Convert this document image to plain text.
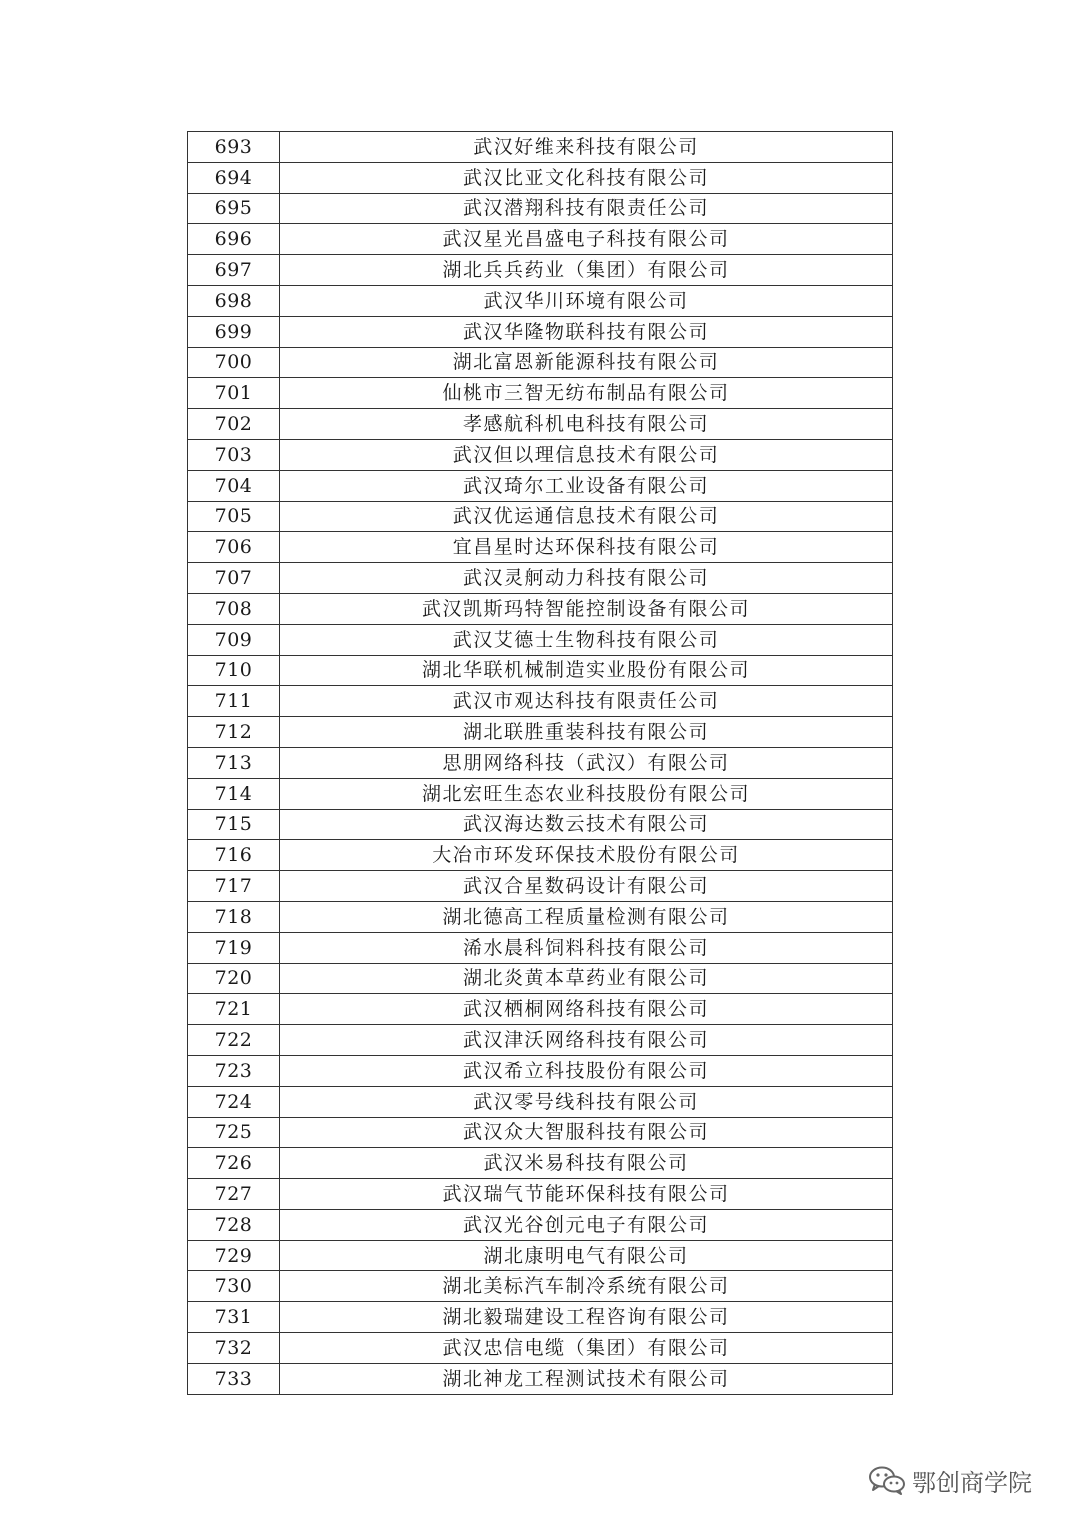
693	武汉好维来科技有限公司
694	武汉比亚文化科技有限公司
695	武汉潜翔科技有限责任公司
696	武汉星光昌盛电子科技有限公司
697	湖北兵兵药业（集团）有限公司
698	武汉华川环境有限公司
699	武汉华隆物联科技有限公司
700	湖北富恩新能源科技有限公司
701	仙桃市三智无纺布制品有限公司
702	孝感航科机电科技有限公司
703	武汉但以理信息技术有限公司
704	武汉琦尔工业设备有限公司
705	武汉优运通信息技术有限公司
706	宜昌星时达环保科技有限公司
707	武汉灵舸动力科技有限公司
708	武汉凯斯玛特智能控制设备有限公司
709	武汉艾德士生物科技有限公司
710	湖北华联机械制造实业股份有限公司
711	武汉市观达科技有限责任公司
712	湖北联胜重装科技有限公司
713	思朋网络科技（武汉）有限公司
714	湖北宏旺生态农业科技股份有限公司
715	武汉海达数云技术有限公司
716	大冶市环发环保技术股份有限公司
717	武汉合星数码设计有限公司
718	湖北德高工程质量检测有限公司
719	浠水晨科饲料科技有限公司
720	湖北炎黄本草药业有限公司
721	武汉栖桐网络科技有限公司
722	武汉津沃网络科技有限公司
723	武汉希立科技股份有限公司
724	武汉零号线科技有限公司
725	武汉众大智服科技有限公司
726	武汉米易科技有限公司
727	武汉瑞气节能环保科技有限公司
728	武汉光谷创元电子有限公司
729	湖北康明电气有限公司
730	湖北美标汽车制冷系统有限公司
731	湖北毅瑞建设工程咨询有限公司
732	武汉忠信电缆（集团）有限公司
733	湖北神龙工程测试技术有限公司
鄂创商学院
